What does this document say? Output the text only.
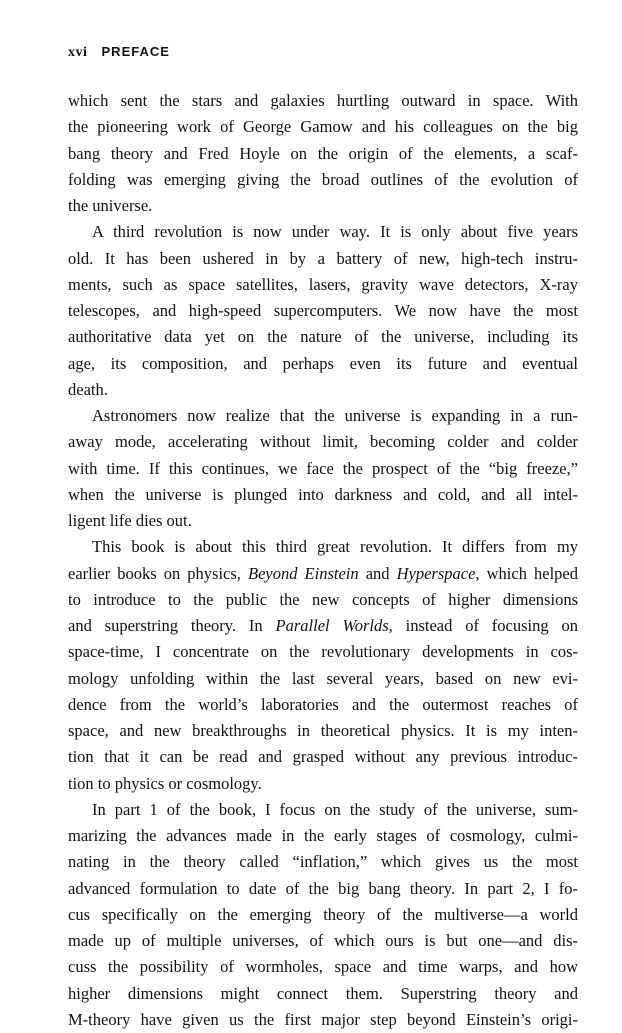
xvi PREFACE
which sent the stars and galaxies hurtling outward in space. With
the pioneering work of George Gamow and his colleagues on the big
bang theory and Fred Hoyle on the origin of the elements, a scaf-
folding was emerging giving the broad outlines of the evolution of
the universe.
A third revolution is now under way. It is only about five years
old. It has been ushered in by a battery of new, high-tech instru-
ments, such as space satellites, lasers, gravity wave detectors, X-ray
telescopes, and high-speed supercomputers. We now have the most
authoritative data yet on the nature of the universe, including its
age, its composition, and perhaps even its future and eventual
death.
Astronomers now realize that the universe is expanding in a run-
away mode, accelerating without limit, becoming colder and colder
with time. If this continues, we face the prospect of the “big freeze,”
when the universe is plunged into darkness and cold, and all intel-
ligent life dies out.
This book is about this third great revolution. It differs from my
earlier books on physics, Beyond Einstein and Hyperspace, which helped
to introduce to the public the new concepts of higher dimensions
and superstring theory. In Parallel Worlds, instead of focusing on
space-time, I concentrate on the revolutionary developments in cos-
mology unfolding within the last several years, based on new evi-
dence from the world’s laboratories and the outermost reaches of
space, and new breakthroughs in theoretical physics. It is my inten-
tion that it can be read and grasped without any previous introduc-
tion to physics or cosmology.
In part 1 of the book, I focus on the study of the universe, sum-
marizing the advances made in the early stages of cosmology, culmi-
nating in the theory called “inflation,” which gives us the most
advanced formulation to date of the big bang theory. In part 2, I fo-
cus specifically on the emerging theory of the multiverse—a world
made up of multiple universes, of which ours is but one—and dis-
cuss the possibility of wormholes, space and time warps, and how
higher dimensions might connect them. Superstring theory and
M-theory have given us the first major step beyond Einstein’s origi-
